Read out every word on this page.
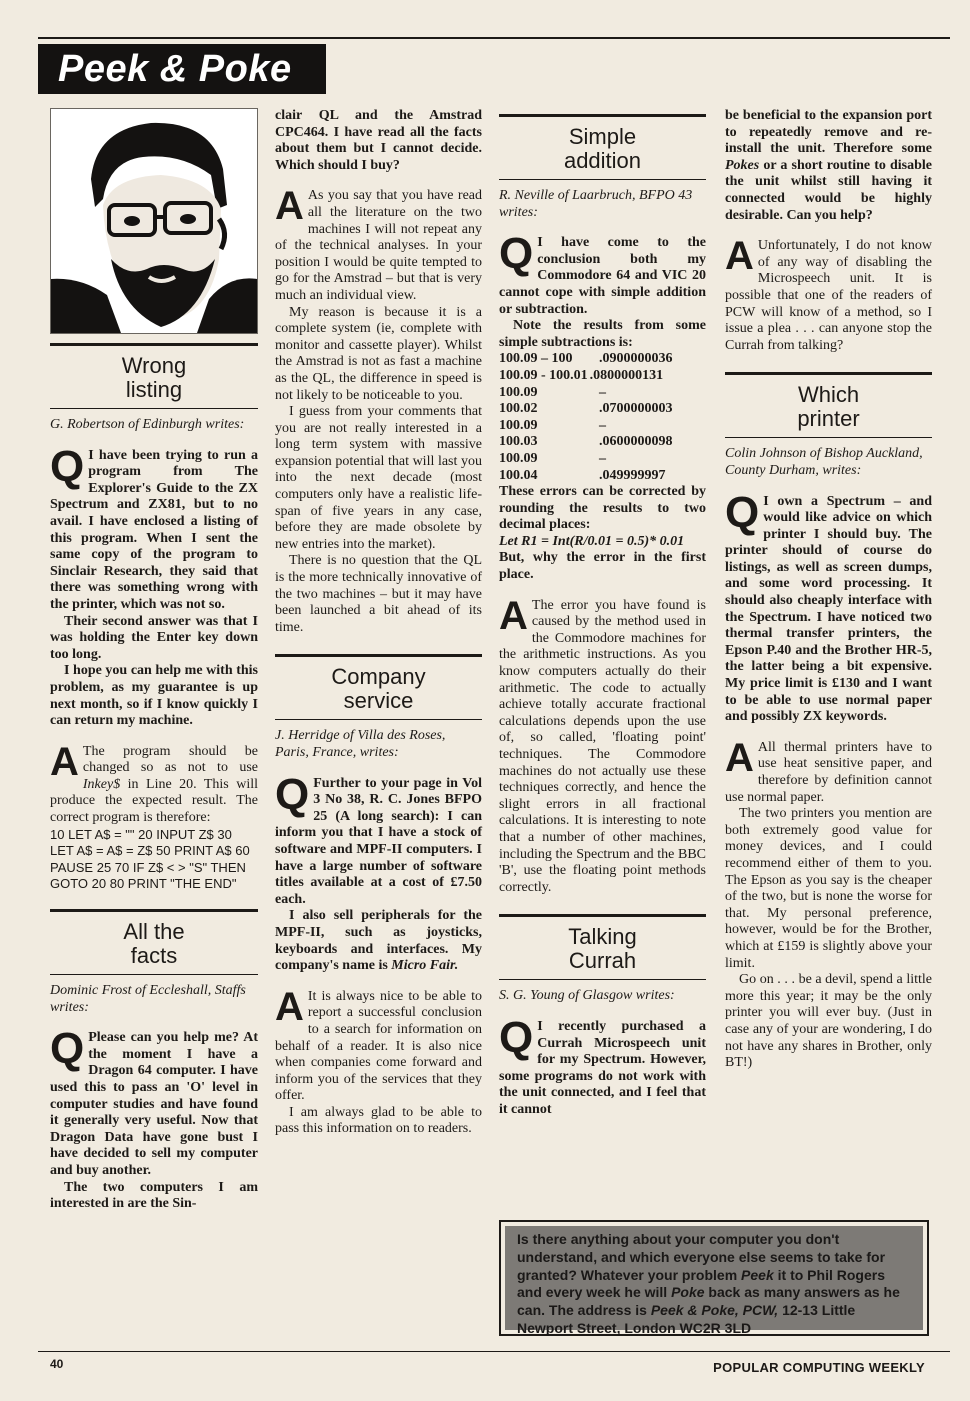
Peek & Poke
Wrong
listing

G. Robertson of Edinburgh writes:

Q I have been trying to run a program from The Explorer's Guide to the ZX Spectrum and ZX81, but to no avail. I have enclosed a listing of this program. When I sent the same copy of the program to Sinclair Research, they said that there was something wrong with the printer, which was not so.

Their second answer was that I was holding the Enter key down too long.

I hope you can help me with this problem, as my guarantee is up next month, so if I know quickly I can return my machine.

A The program should be changed so as not to use Inkey$ in Line 20. This will produce the expected result. The correct program is therefore:

10 LET A$ = "" 20 INPUT Z$ 30 LET A$ = A$ = Z$ 50 PRINT A$ 60 PAUSE 25 70 IF Z$ < > "S" THEN GOTO 20 80 PRINT "THE END"

All the
facts

Dominic Frost of Eccleshall, Staffs writes:

Q Please can you help me? At the moment I have a Dragon 64 computer. I have used this to pass an 'O' level in computer studies and have found it generally very useful. Now that Dragon Data have gone bust I have decided to sell my computer and buy another.

The two computers I am interested in are the Sin-

clair QL and the Amstrad CPC464. I have read all the facts about them but I cannot decide. Which should I buy?

A As you say that you have read all the literature on the two machines I will not repeat any of the technical analyses. In your position I would be quite tempted to go for the Amstrad – but that is very much an individual view.

My reason is because it is a complete system (ie, complete with monitor and cassette player). Whilst the Amstrad is not as fast a machine as the QL, the difference in speed is not likely to be noticeable to you.

I guess from your comments that you are not really interested in a long term system with massive expansion potential that will last you into the next decade (most computers only have a realistic life-span of five years in any case, before they are made obsolete by new entries into the market).

There is no question that the QL is the more technically innovative of the two machines – but it may have been launched a bit ahead of its time.

Company
service

J. Herridge of Villa des Roses, Paris, France, writes:

Q Further to your page in Vol 3 No 38, R. C. Jones BFPO 25 (A long search): I can inform you that I have a stock of software and MPF-II computers. I have a large number of software titles available at a cost of £7.50 each.

I also sell peripherals for the MPF-II, such as joysticks, keyboards and interfaces. My company's name is Micro Fair.

A It is always nice to be able to report a successful conclusion to a search for information on behalf of a reader. It is also nice when companies come forward and inform you of the services that they offer.

I am always glad to be able to pass this information on to readers.

Simple
addition

R. Neville of Laarbruch, BFPO 43 writes:

Q I have come to the conclusion both my Commodore 64 and VIC 20 cannot cope with simple addition or subtraction.

Note the results from some simple subtractions is:

100.09 – 100	.0900000036
100.09 - 100.01 .0800000131
100.09	–
100.02	.0700000003
100.09	–
100.03	.0600000098
100.09	–
100.04	.049999997

These errors can be corrected by rounding the results to two decimal places:

Let R1 = Int(R/0.01 = 0.5)* 0.01

But, why the error in the first place.

A The error you have found is caused by the method used in the Commodore machines for the arithmetic instructions. As you know computers actually do their arithmetic. The code to actually achieve totally accurate fractional calculations depends upon the use of, so called, 'floating point' techniques. The Commodore machines do not actually use these techniques correctly, and hence the slight errors in all fractional calculations. It is interesting to note that a number of other machines, including the Spectrum and the BBC 'B', use the floating point methods correctly.

Talking
Currah

S. G. Young of Glasgow writes:

Q I recently purchased a Currah Microspeech unit for my Spectrum. However, some programs do not work with the unit connected, and I feel that it cannot

be beneficial to the expansion port to repeatedly remove and re-install the unit. Therefore some Pokes or a short routine to disable the unit whilst still having it connected would be highly desirable. Can you help?

A Unfortunately, I do not know of any way of disabling the Microspeech unit. It is possible that one of the readers of PCW will know of a method, so I issue a plea . . . can anyone stop the Currah from talking?

Which
printer

Colin Johnson of Bishop Auckland, County Durham, writes:

Q I own a Spectrum – and would like advice on which printer I should buy. The printer should of course do listings, as well as screen dumps, and some word processing. It should also cheaply interface with the Spectrum. I have noticed two thermal transfer printers, the Epson P.40 and the Brother HR-5, the latter being a bit expensive. My price limit is £130 and I want to be able to use normal paper and possibly ZX keywords.

A All thermal printers have to use heat sensitive paper, and therefore by definition cannot use normal paper.

The two printers you mention are both extremely good value for money devices, and I could recommend either of them to you. The Epson as you say is the cheaper of the two, but is none the worse for that. My personal preference, however, would be for the Brother, which at £159 is slightly above your limit.

Go on . . . be a devil, spend a little more this year; it may be the only printer you will ever buy. (Just in case any of your are wondering, I do not have any shares in Brother, only BT!)

Is there anything about your computer you don't understand, and which everyone else seems to take for granted? Whatever your problem Peek it to Phil Rogers and every week he will Poke back as many answers as he can. The address is Peek & Poke, PCW, 12-13 Little Newport Street, London WC2R 3LD
40	POPULAR COMPUTING WEEKLY
